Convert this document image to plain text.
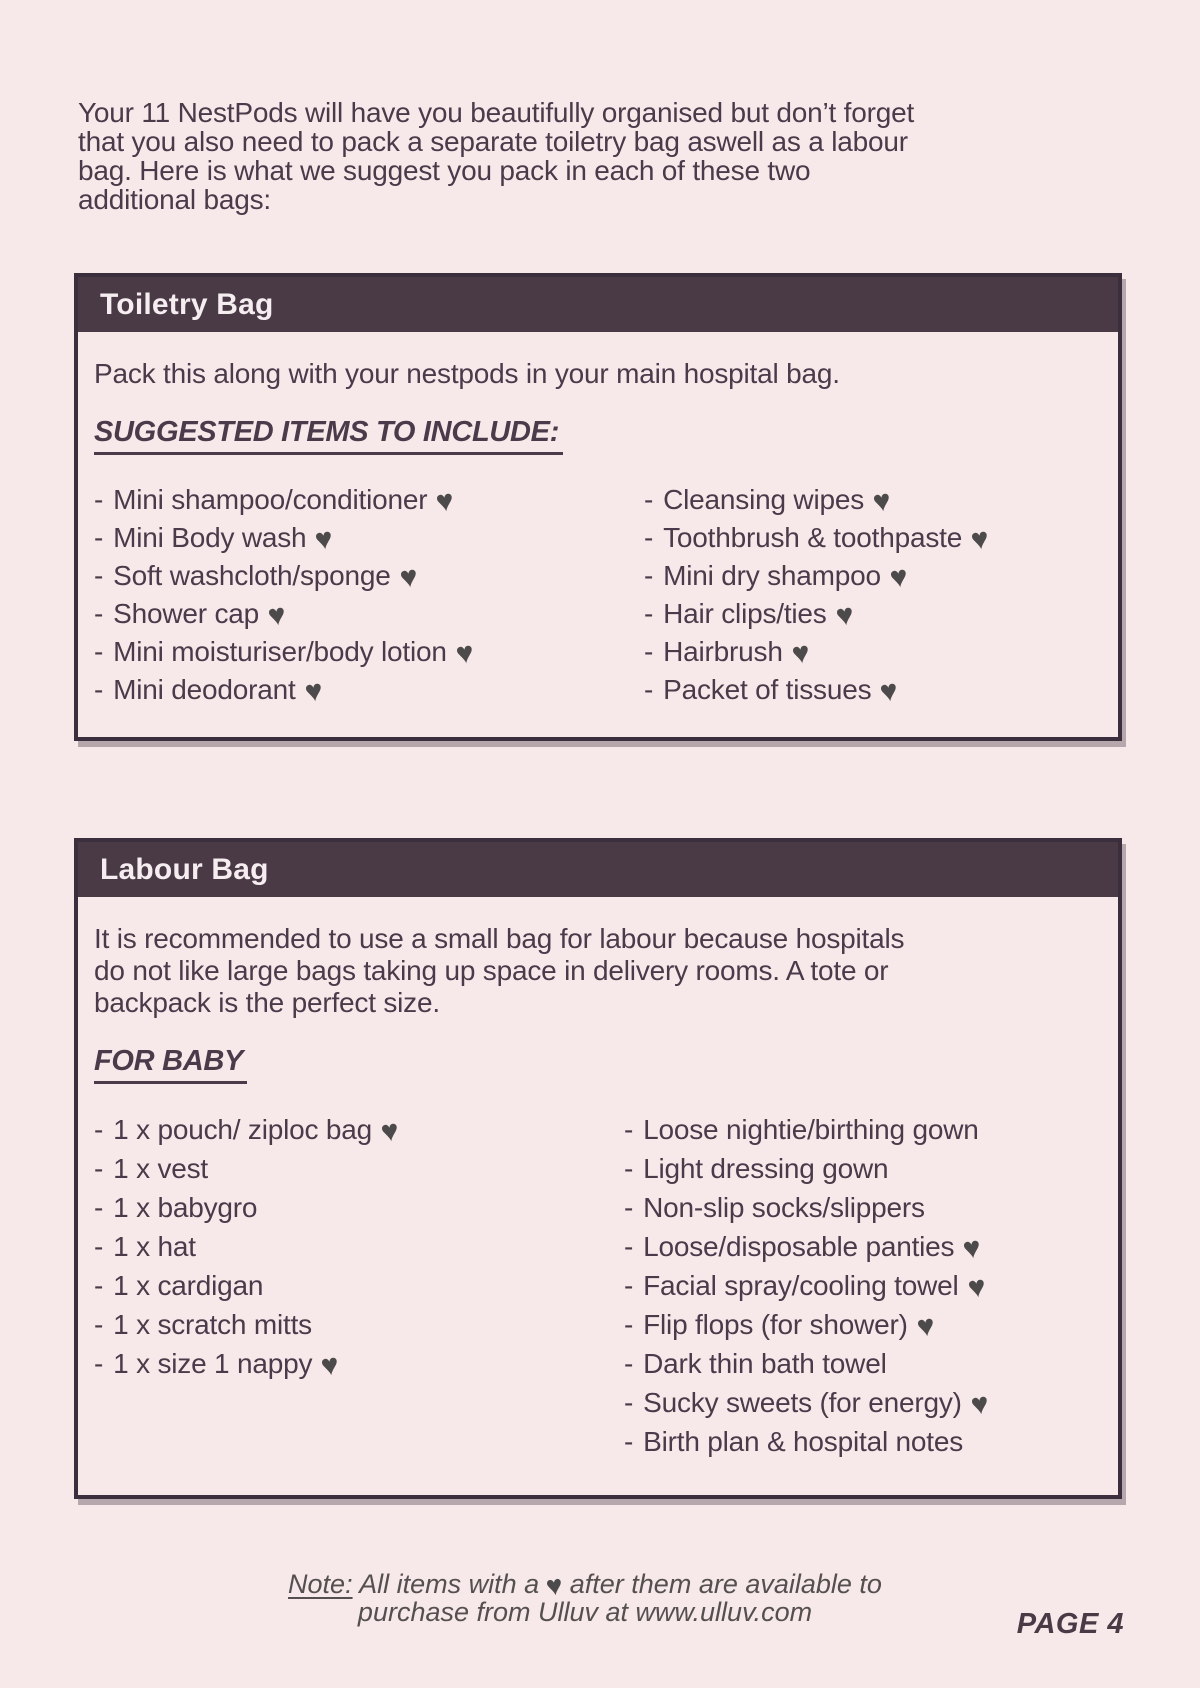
Your 11 NestPods will have you beautifully organised but don’t forget
that you also need to pack a separate toiletry bag aswell as a labour
bag. Here is what we suggest you pack in each of these two
additional bags:
Toiletry Bag
Pack this along with your nestpods in your main hospital bag.
SUGGESTED ITEMS TO INCLUDE:
- Mini shampoo/conditioner ♥
- Mini Body wash ♥
- Soft washcloth/sponge ♥
- Shower cap ♥
- Mini moisturiser/body lotion ♥
- Mini deodorant ♥
- Cleansing wipes ♥
- Toothbrush & toothpaste ♥
- Mini dry shampoo ♥
- Hair clips/ties ♥
- Hairbrush ♥
- Packet of tissues ♥
Labour Bag
It is recommended to use a small bag for labour because hospitals
do not like large bags taking up space in delivery rooms. A tote or
backpack is the perfect size.
FOR BABY
- 1 x pouch/ ziploc bag ♥
- 1 x vest
- 1 x babygro
- 1 x hat
- 1 x cardigan
- 1 x scratch mitts
- 1 x size 1 nappy ♥
- Loose nightie/birthing gown
- Light dressing gown
- Non-slip socks/slippers
- Loose/disposable panties ♥
- Facial spray/cooling towel ♥
- Flip flops (for shower) ♥
- Dark thin bath towel
- Sucky sweets (for energy) ♥
- Birth plan & hospital notes
Note: All items with a ♥ after them are available to
purchase from Ulluv at www.ulluv.com	PAGE 4
